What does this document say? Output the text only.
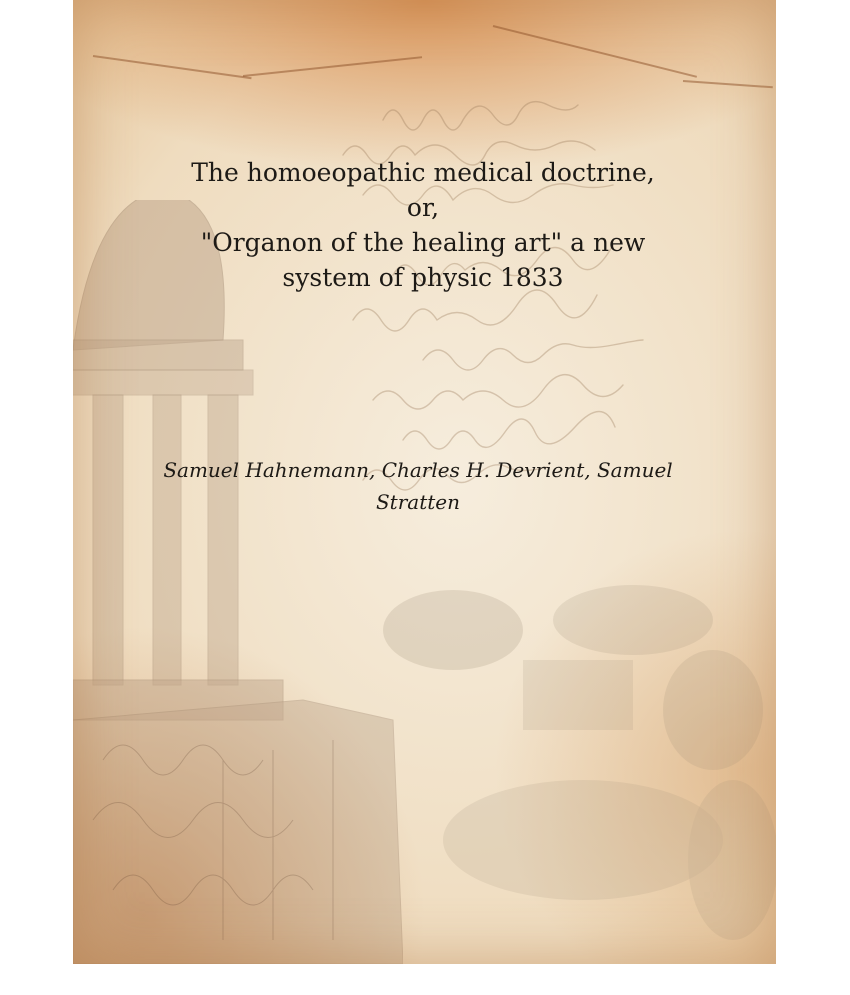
The homoeopathic medical doctrine, or,
"Organon of the healing art" a new
system of physic 1833
Samuel Hahnemann, Charles H. Devrient, Samuel
Stratten
